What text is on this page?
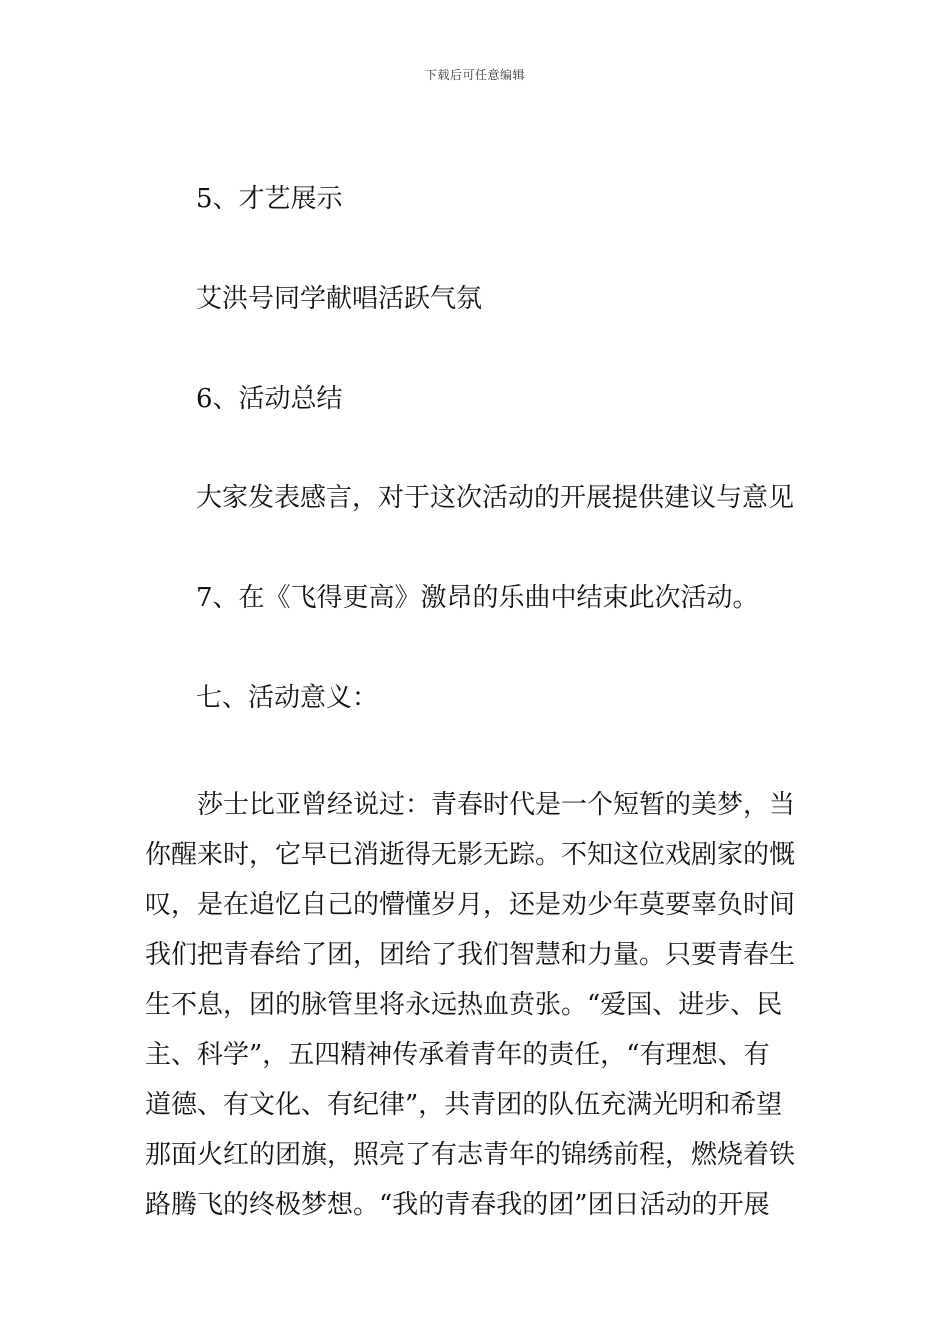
下载后可任意编辑
5、才艺展示
艾洪号同学献唱活跃气氛
6、活动总结
大家发表感言，对于这次活动的开展提供建议与意见
7、在《飞得更高》激昂的乐曲中结束此次活动。
七、活动意义：
　　莎士比亚曾经说过：青春时代是一个短暂的美梦，当
你醒来时，它早已消逝得无影无踪。不知这位戏剧家的慨
叹，是在追忆自己的懵懂岁月，还是劝少年莫要辜负时间
我们把青春给了团，团给了我们智慧和力量。只要青春生
生不息，团的脉管里将永远热血贲张。“爱国、进步、民
主、科学”，五四精神传承着青年的责任，“有理想、有
道德、有文化、有纪律”，共青团的队伍充满光明和希望
那面火红的团旗，照亮了有志青年的锦绣前程，燃烧着铁
路腾飞的终极梦想。“我的青春我的团”团日活动的开展
